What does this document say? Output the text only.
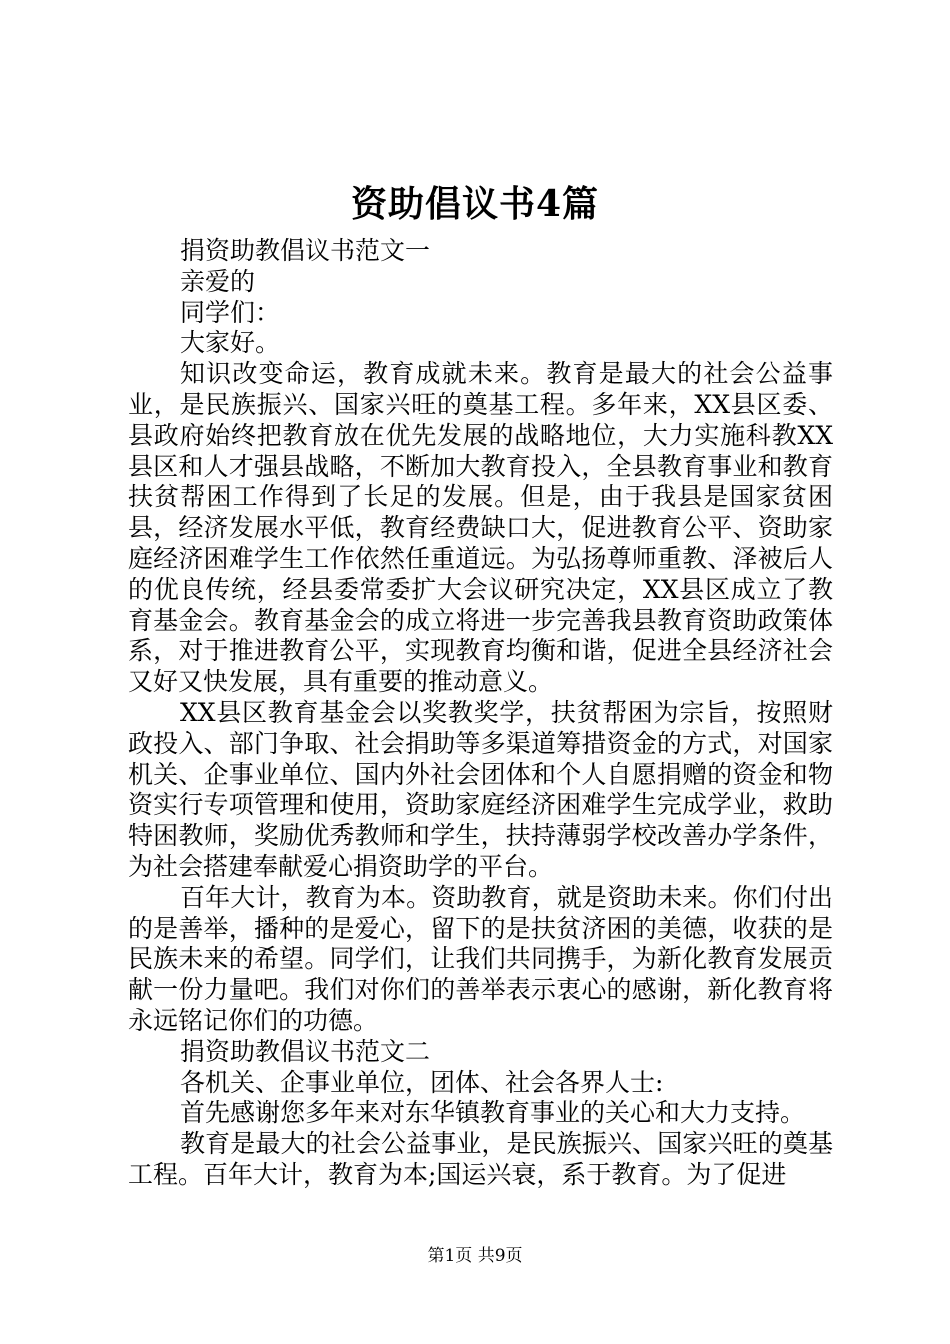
资助倡议书4篇

捐资助教倡议书范文一

亲爱的

同学们：

大家好。

知识改变命运，教育成就未来。教育是最大的社会公益事业，是民族振兴、国家兴旺的奠基工程。多年来，XX县区委、县政府始终把教育放在优先发展的战略地位，大力实施科教XX县区和人才强县战略，不断加大教育投入，全县教育事业和教育扶贫帮困工作得到了长足的发展。但是，由于我县是国家贫困县，经济发展水平低，教育经费缺口大，促进教育公平、资助家庭经济困难学生工作依然任重道远。为弘扬尊师重教、泽被后人的优良传统，经县委常委扩大会议研究决定，XX县区成立了教育基金会。教育基金会的成立将进一步完善我县教育资助政策体系，对于推进教育公平，实现教育均衡和谐，促进全县经济社会又好又快发展，具有重要的推动意义。

XX县区教育基金会以奖教奖学，扶贫帮困为宗旨，按照财政投入、部门争取、社会捐助等多渠道筹措资金的方式，对国家机关、企事业单位、国内外社会团体和个人自愿捐赠的资金和物资实行专项管理和使用，资助家庭经济困难学生完成学业，救助特困教师，奖励优秀教师和学生，扶持薄弱学校改善办学条件，为社会搭建奉献爱心捐资助学的平台。

百年大计，教育为本。资助教育，就是资助未来。你们付出的是善举，播种的是爱心，留下的是扶贫济困的美德，收获的是民族未来的希望。同学们，让我们共同携手，为新化教育发展贡献一份力量吧。我们对你们的善举表示衷心的感谢，新化教育将永远铭记你们的功德。

捐资助教倡议书范文二

各机关、企事业单位，团体、社会各界人士:

首先感谢您多年来对东华镇教育事业的关心和大力支持。

教育是最大的社会公益事业，是民族振兴、国家兴旺的奠基工程。百年大计，教育为本;国运兴衰，系于教育。为了促进

第1页 共9页
